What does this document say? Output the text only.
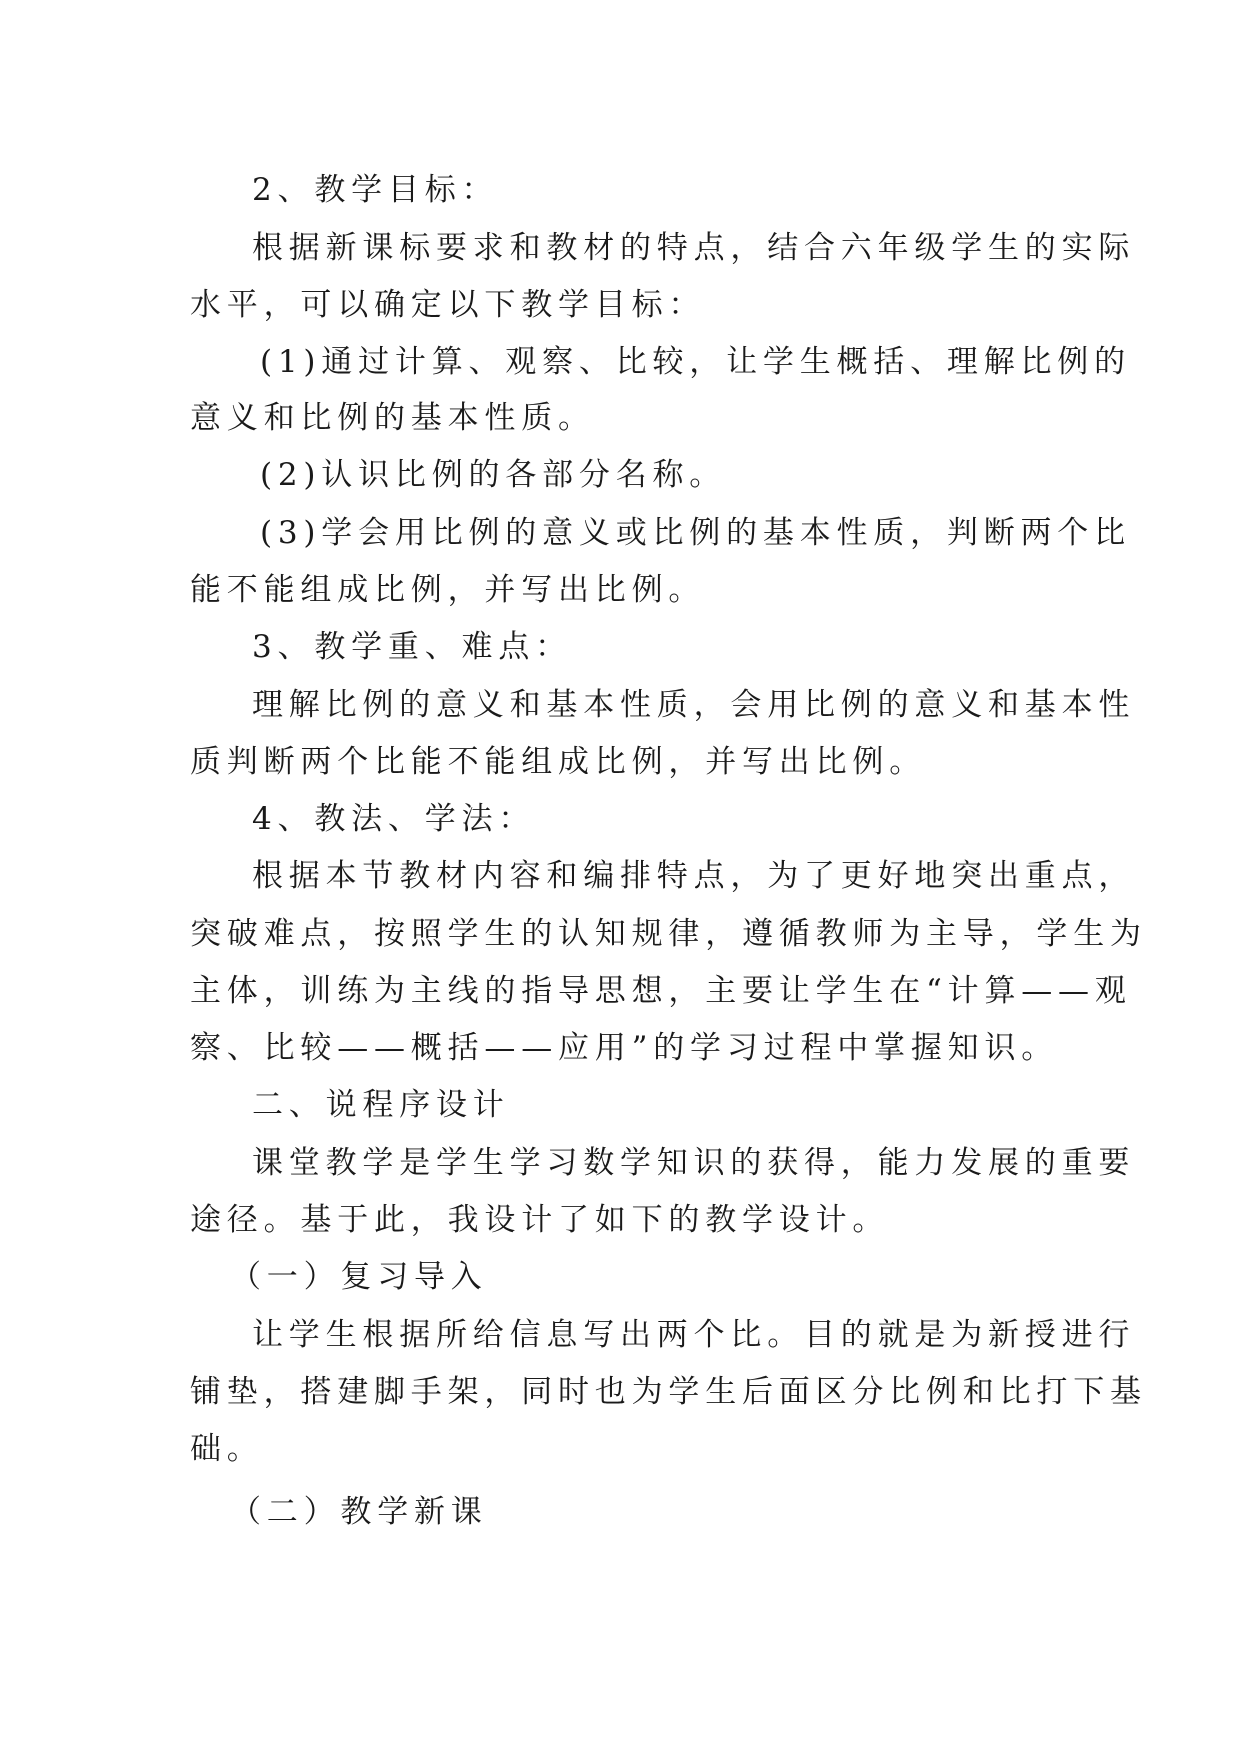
2、教学目标：
根据新课标要求和教材的特点，结合六年级学生的实际
水平，可以确定以下教学目标：
(1)通过计算、观察、比较，让学生概括、理解比例的
意义和比例的基本性质。
(2)认识比例的各部分名称。
(3)学会用比例的意义或比例的基本性质，判断两个比
能不能组成比例，并写出比例。
3、教学重、难点：
理解比例的意义和基本性质，会用比例的意义和基本性
质判断两个比能不能组成比例，并写出比例。
4、教法、学法：
根据本节教材内容和编排特点，为了更好地突出重点，
突破难点，按照学生的认知规律，遵循教师为主导，学生为
主体，训练为主线的指导思想，主要让学生在“计算——观
察、比较——概括——应用”的学习过程中掌握知识。
二、说程序设计
课堂教学是学生学习数学知识的获得，能力发展的重要
途径。基于此，我设计了如下的教学设计。
（一）复习导入
让学生根据所给信息写出两个比。目的就是为新授进行
铺垫，搭建脚手架，同时也为学生后面区分比例和比打下基
础。
（二）教学新课
